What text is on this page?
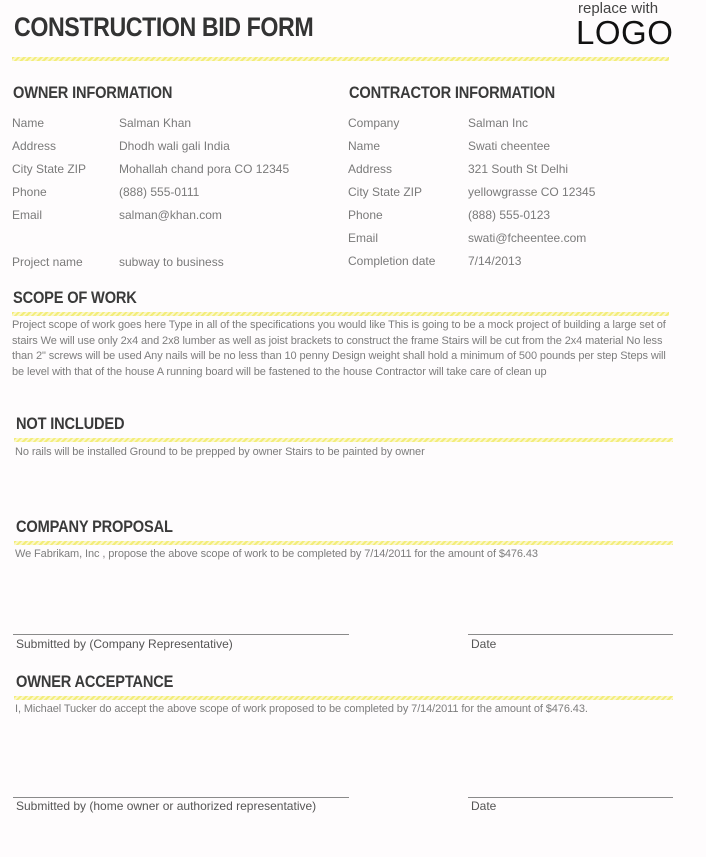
CONSTRUCTION BID FORM
replace with
LOGO
OWNER INFORMATION
Name	Salman Khan
Address	Dhodh wali gali India
City State ZIP	Mohallah chand pora CO 12345
Phone	(888) 555-0111
Email	salman@khan.com
Project name	subway to business
CONTRACTOR INFORMATION
Company	Salman Inc
Name	Swati cheentee
Address	321 South St Delhi
City State ZIP	yellowgrasse CO 12345
Phone	(888) 555-0123
Email	swati@fcheentee.com
Completion date	7/14/2013
SCOPE OF WORK
Project scope of work goes here Type in all of the specifications you would like This is going to be a mock project of building a large set of stairs We will use only 2x4 and 2x8 lumber as well as joist brackets to construct the frame Stairs will be cut from the 2x4 material No less than 2" screws will be used Any nails will be no less than 10 penny Design weight shall hold a minimum of 500 pounds per step Steps will be level with that of the house A running board will be fastened to the house Contractor will take care of clean up
NOT INCLUDED
No rails will be installed Ground to be prepped by owner Stairs to be painted by owner
COMPANY PROPOSAL
We Fabrikam, Inc , propose the above scope of work to be completed by 7/14/2011 for the amount of $476.43
Submitted by (Company Representative)	Date
OWNER ACCEPTANCE
I, Michael Tucker do accept the above scope of work proposed to be completed by 7/14/2011 for the amount of $476.43.
Submitted by (home owner or authorized representative)	Date
